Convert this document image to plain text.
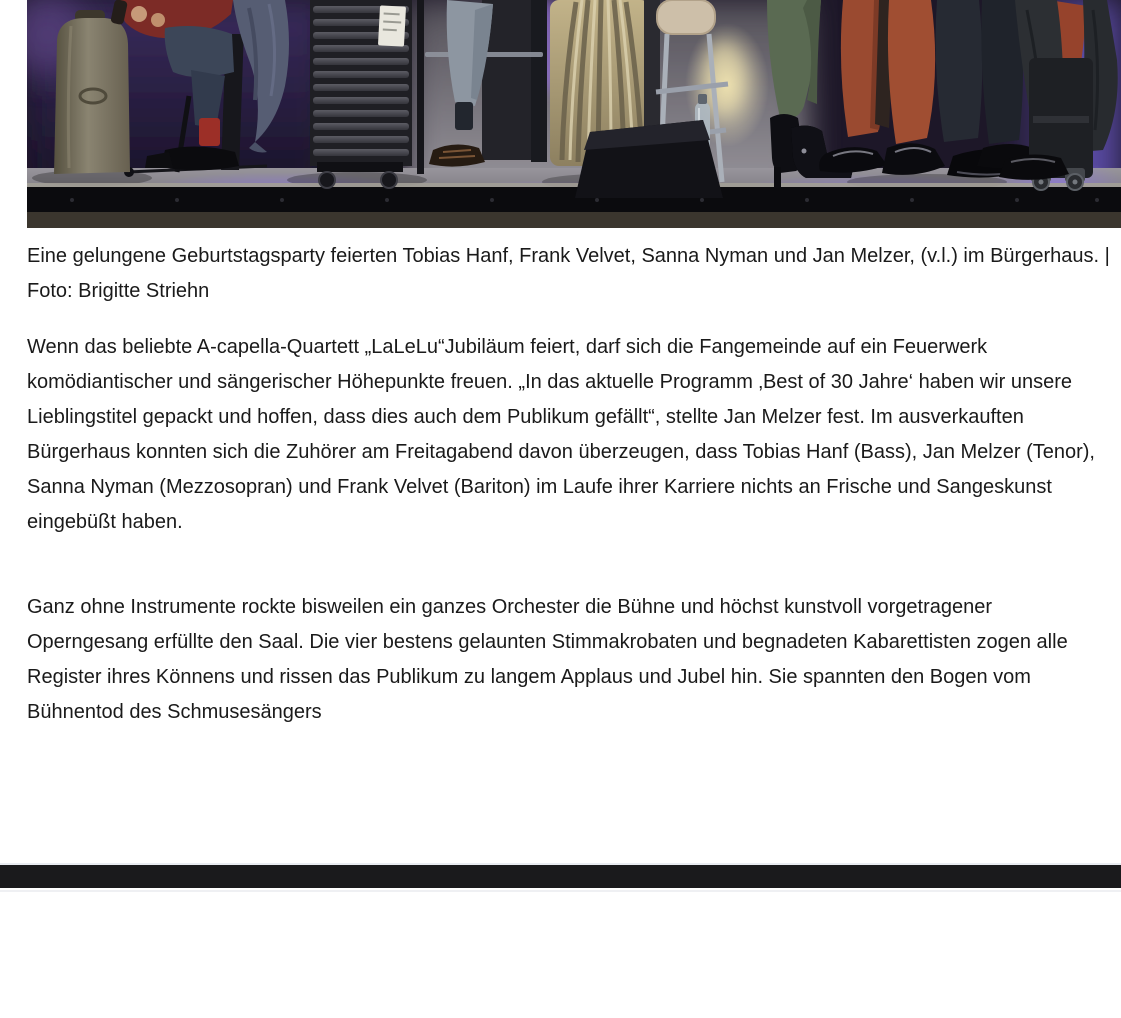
Eine gelungene Geburtstagsparty feierten Tobias Hanf, Frank Velvet, Sanna Nyman und Jan Melzer, (v.l.) im Bürgerhaus. | Foto: Brigitte Striehn

Wenn das beliebte A-capella-Quartett „LaLeLu“Jubiläum feiert, darf sich die Fangemeinde auf ein Feuerwerk komödiantischer und sängerischer Höhepunkte freuen. „In das aktuelle Programm ‚Best of 30 Jahre‘ haben wir unsere Lieblingstitel gepackt und hoffen, dass dies auch dem Publikum gefällt“, stellte Jan Melzer fest. Im ausverkauften Bürgerhaus konnten sich die Zuhörer am Freitagabend davon überzeugen, dass Tobias Hanf (Bass), Jan Melzer (Tenor), Sanna Nyman (Mezzosopran) und Frank Velvet (Bariton) im Laufe ihrer Karriere nichts an Frische und Sangeskunst eingebüßt haben.

Ganz ohne Instrumente rockte bisweilen ein ganzes Orchester die Bühne und höchst kunstvoll vorgetragener Operngesang erfüllte den Saal. Die vier bestens gelaunten Stimmakrobaten und begnadeten Kabarettisten zogen alle Register ihres Könnens und rissen das Publikum zu langem Applaus und Jubel hin. Sie spannten den Bogen vom Bühnentod des Schmusesängers
